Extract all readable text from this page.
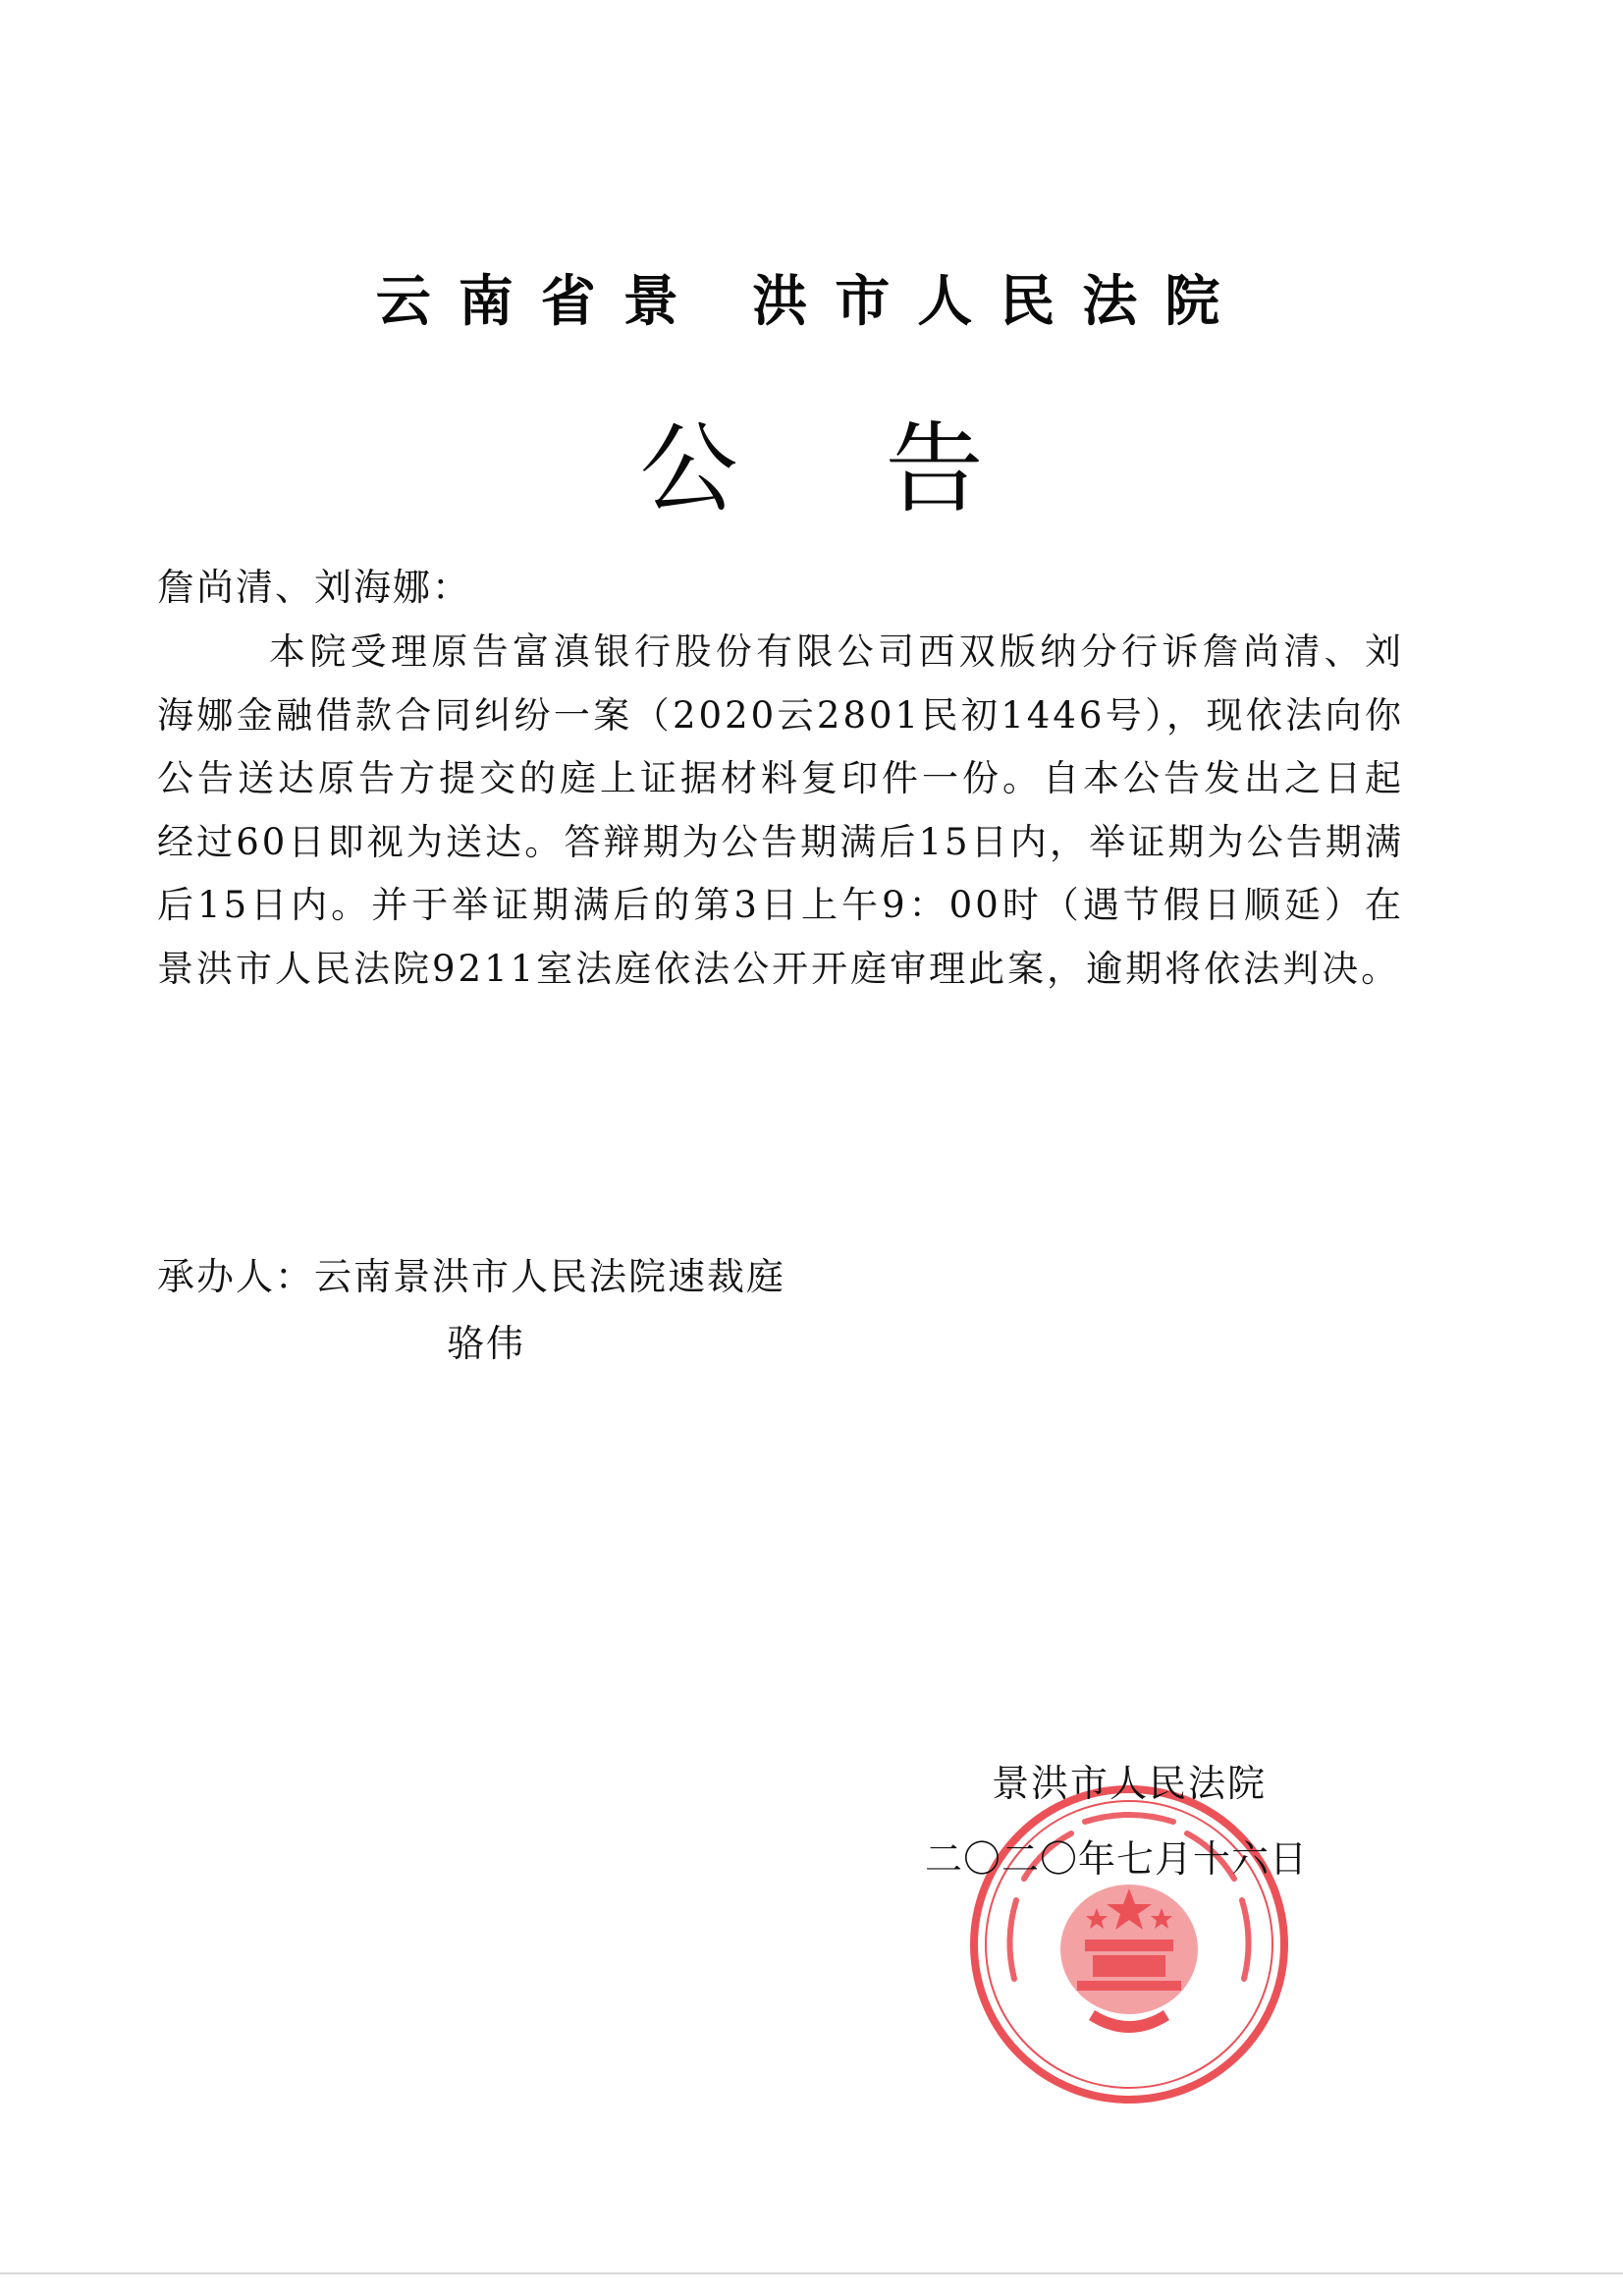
云南省景 洪市人民法院
公告
詹尚清、刘海娜：
本院受理原告富滇银行股份有限公司西双版纳分行诉詹尚清、刘海娜金融借款合同纠纷一案（2020云2801民初1446号），现依法向你公告送达原告方提交的庭上证据材料复印件一份。自本公告发出之日起经过60日即视为送达。答辩期为公告期满后15日内，举证期为公告期满后15日内。并于举证期满后的第3日上午9：00时（遇节假日顺延）在景洪市人民法院9211室法庭依法公开开庭审理此案，逾期将依法判决。
承办人：云南景洪市人民法院速裁庭
骆伟
景洪市人民法院
二〇二〇年七月十六日
